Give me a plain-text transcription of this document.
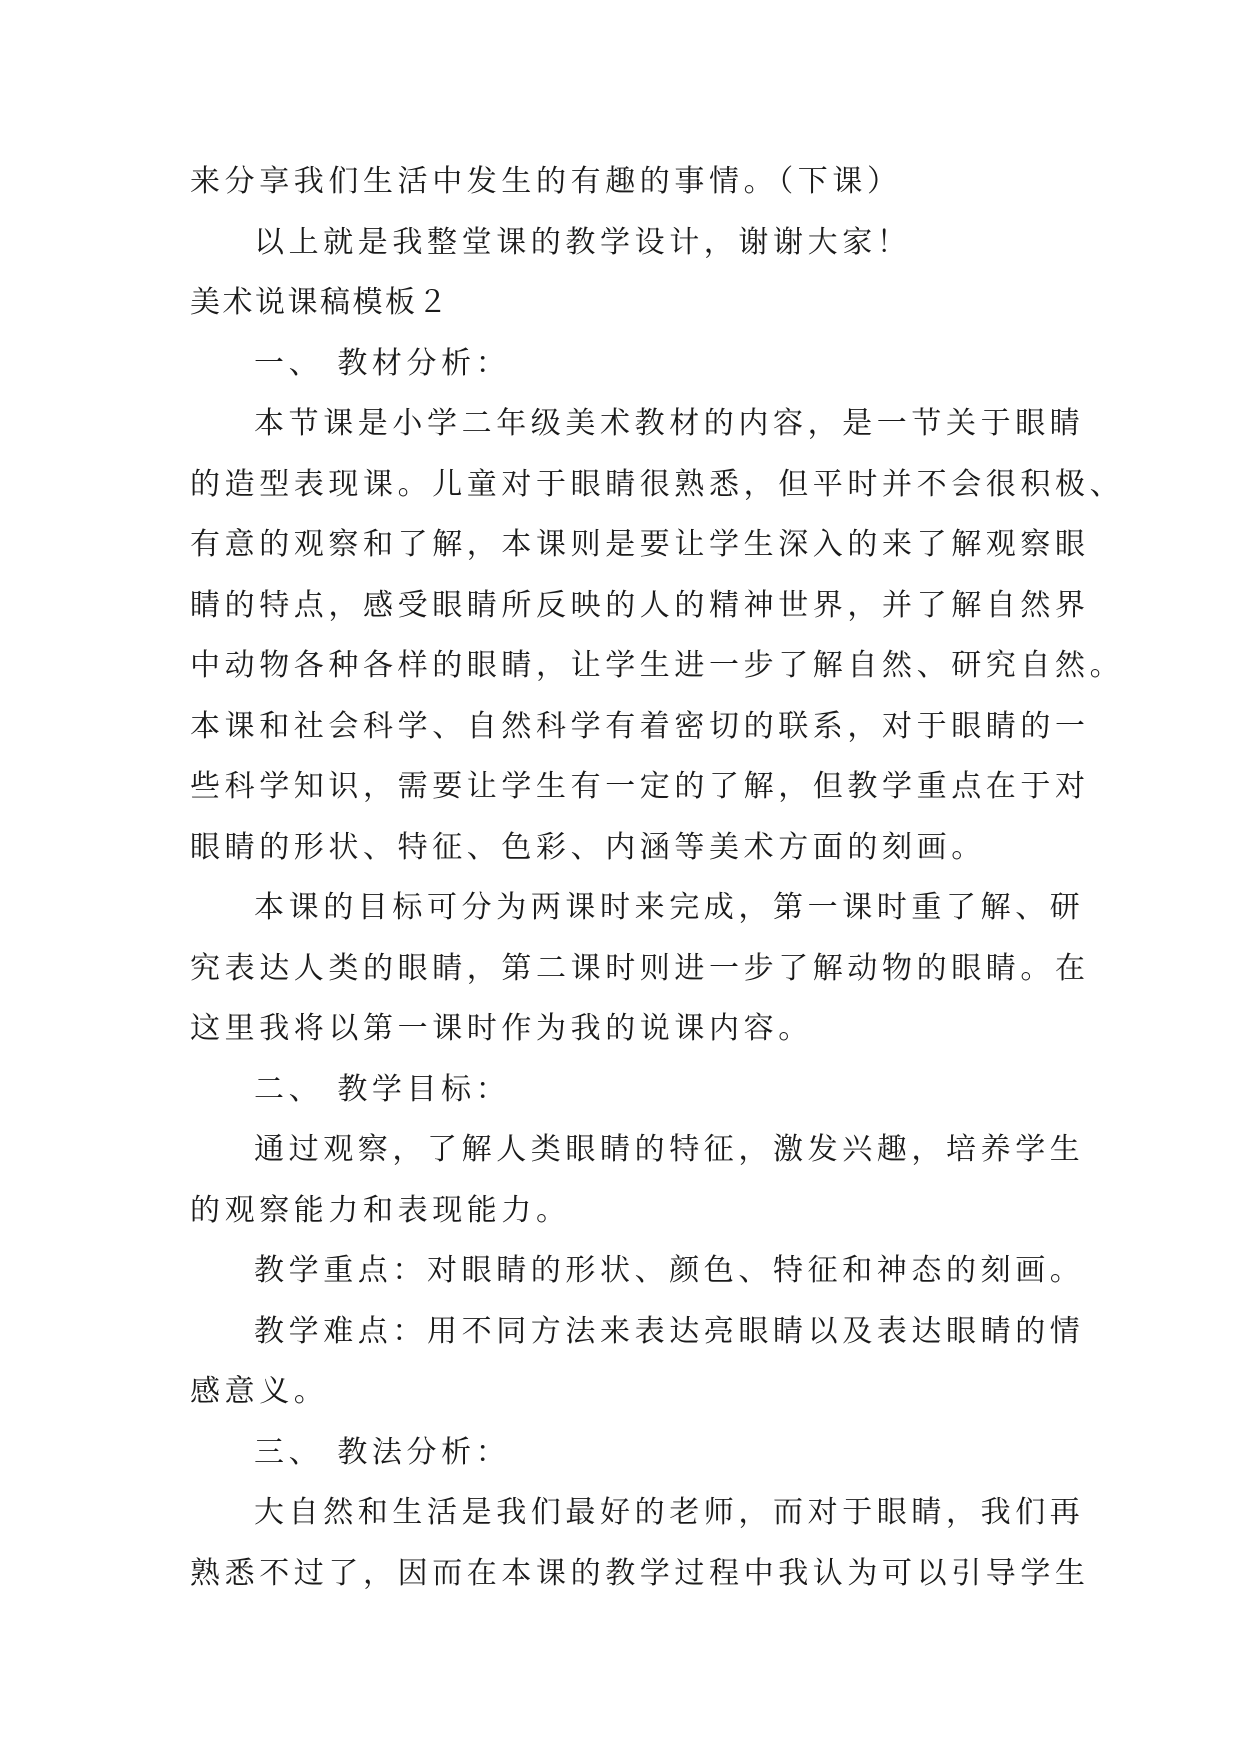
来分享我们生活中发生的有趣的事情。（下课）
以上就是我整堂课的教学设计，谢谢大家！
美术说课稿模板２
一、 教材分析：
本节课是小学二年级美术教材的内容，是一节关于眼睛
的造型表现课。儿童对于眼睛很熟悉，但平时并不会很积极、
有意的观察和了解，本课则是要让学生深入的来了解观察眼
睛的特点，感受眼睛所反映的人的精神世界，并了解自然界
中动物各种各样的眼睛，让学生进一步了解自然、研究自然。
本课和社会科学、自然科学有着密切的联系，对于眼睛的一
些科学知识，需要让学生有一定的了解，但教学重点在于对
眼睛的形状、特征、色彩、内涵等美术方面的刻画。
本课的目标可分为两课时来完成，第一课时重了解、研
究表达人类的眼睛，第二课时则进一步了解动物的眼睛。在
这里我将以第一课时作为我的说课内容。
二、 教学目标：
通过观察，了解人类眼睛的特征，激发兴趣，培养学生
的观察能力和表现能力。
教学重点：对眼睛的形状、颜色、特征和神态的刻画。
教学难点：用不同方法来表达亮眼睛以及表达眼睛的情
感意义。
三、 教法分析：
大自然和生活是我们最好的老师，而对于眼睛，我们再
熟悉不过了，因而在本课的教学过程中我认为可以引导学生
